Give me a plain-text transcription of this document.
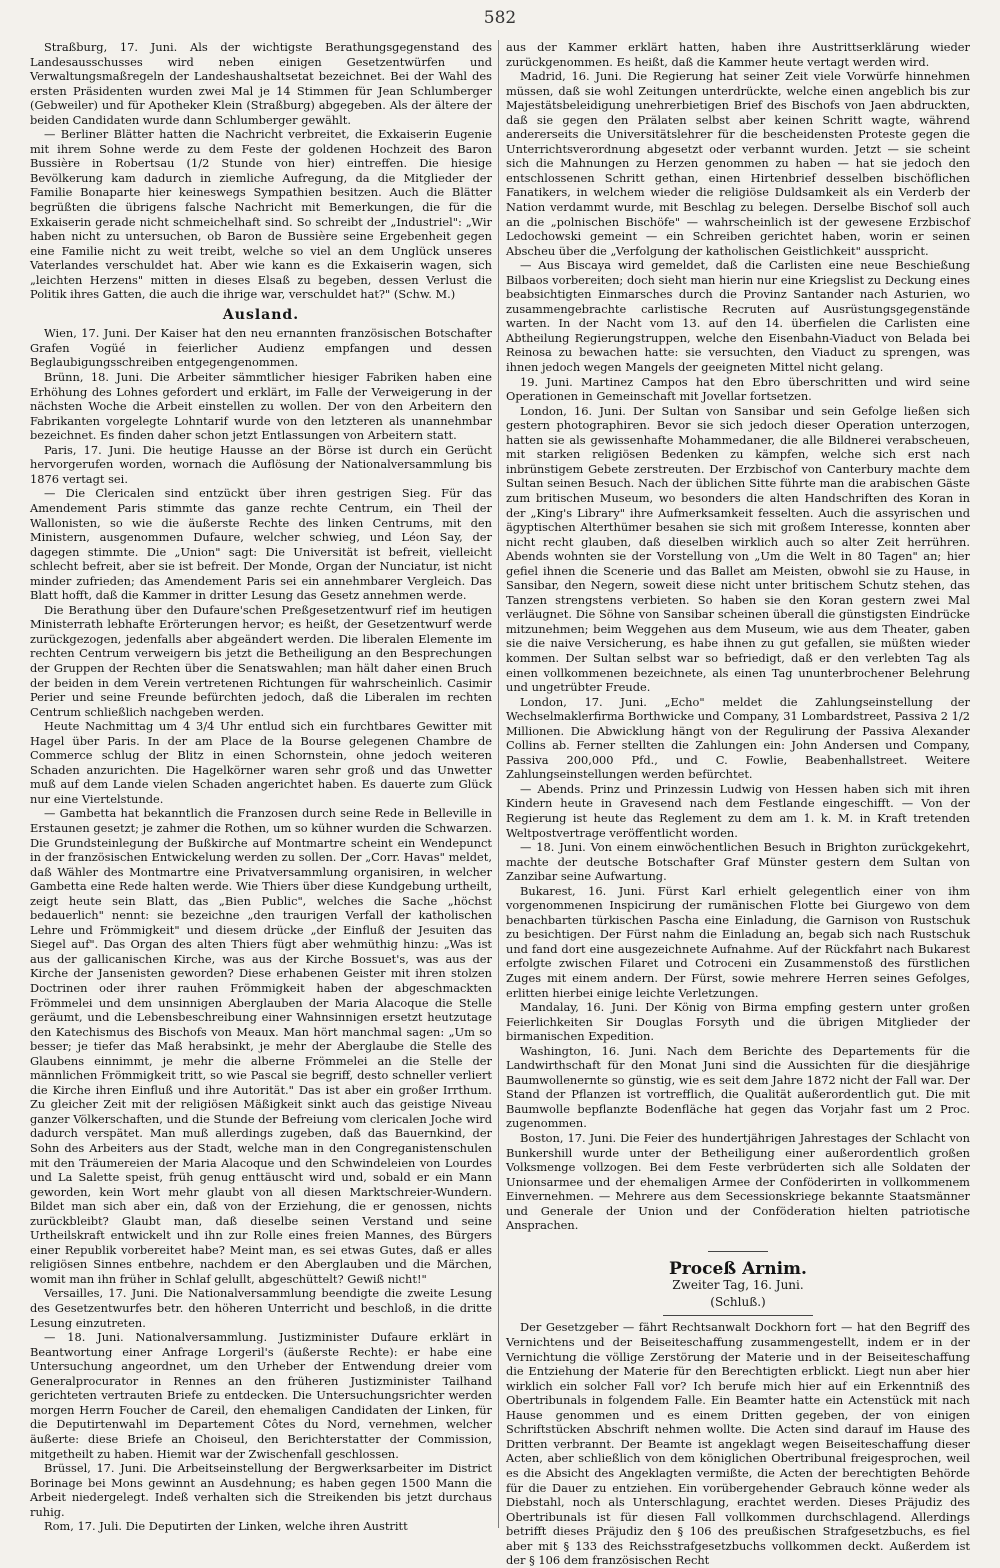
582

Straßburg, 17. Juni. Als der wichtigste Berathungsgegenstand des Landesausschusses wird neben einigen Gesetzentwürfen und Verwaltungsmaßregeln der Landeshaushaltsetat bezeichnet. Bei der Wahl des ersten Präsidenten wurden zwei Mal je 14 Stimmen für Jean Schlumberger (Gebweiler) und für Apotheker Klein (Straßburg) abgegeben. Als der ältere der beiden Candidaten wurde dann Schlumberger gewählt.

— Berliner Blätter hatten die Nachricht verbreitet, die Exkaiserin Eugenie mit ihrem Sohne werde zu dem Feste der goldenen Hochzeit des Baron Bussière in Robertsau (1/2 Stunde von hier) eintreffen. Die hiesige Bevölkerung kam dadurch in ziemliche Aufregung, da die Mitglieder der Familie Bonaparte hier keineswegs Sympathien besitzen. Auch die Blätter begrüßten die übrigens falsche Nachricht mit Bemerkungen, die für die Exkaiserin gerade nicht schmeichelhaft sind. So schreibt der „Industriel": „Wir haben nicht zu untersuchen, ob Baron de Bussière seine Ergebenheit gegen eine Familie nicht zu weit treibt, welche so viel an dem Unglück unseres Vaterlandes verschuldet hat. Aber wie kann es die Exkaiserin wagen, sich „leichten Herzens" mitten in dieses Elsaß zu begeben, dessen Verlust die Politik ihres Gatten, die auch die ihrige war, verschuldet hat?" (Schw. M.)

Ausland.

Wien, 17. Juni. Der Kaiser hat den neu ernannten französischen Botschafter Grafen Vogüé in feierlicher Audienz empfangen und dessen Beglaubigungsschreiben entgegengenommen.

Brünn, 18. Juni. Die Arbeiter sämmtlicher hiesiger Fabriken haben eine Erhöhung des Lohnes gefordert und erklärt, im Falle der Verweigerung in der nächsten Woche die Arbeit einstellen zu wollen. Der von den Arbeitern den Fabrikanten vorgelegte Lohntarif wurde von den letzteren als unannehmbar bezeichnet. Es finden daher schon jetzt Entlassungen von Arbeitern statt.

Paris, 17. Juni. Die heutige Hausse an der Börse ist durch ein Gerücht hervorgerufen worden, wornach die Auflösung der Nationalversammlung bis 1876 vertagt sei.

— Die Clericalen sind entzückt über ihren gestrigen Sieg. Für das Amendement Paris stimmte das ganze rechte Centrum, ein Theil der Wallonisten, so wie die äußerste Rechte des linken Centrums, mit den Ministern, ausgenommen Dufaure, welcher schwieg, und Léon Say, der dagegen stimmte. Die „Union" sagt: Die Universität ist befreit, vielleicht schlecht befreit, aber sie ist befreit. Der Monde, Organ der Nunciatur, ist nicht minder zufrieden; das Amendement Paris sei ein annehmbarer Vergleich. Das Blatt hofft, daß die Kammer in dritter Lesung das Gesetz annehmen werde.

Die Berathung über den Dufaure'schen Preßgesetzentwurf rief im heutigen Ministerrath lebhafte Erörterungen hervor; es heißt, der Gesetzentwurf werde zurückgezogen, jedenfalls aber abgeändert werden. Die liberalen Elemente im rechten Centrum verweigern bis jetzt die Betheiligung an den Besprechungen der Gruppen der Rechten über die Senatswahlen; man hält daher einen Bruch der beiden in dem Verein vertretenen Richtungen für wahrscheinlich. Casimir Perier und seine Freunde befürchten jedoch, daß die Liberalen im rechten Centrum schließlich nachgeben werden.

Heute Nachmittag um 4 3/4 Uhr entlud sich ein furchtbares Gewitter mit Hagel über Paris. In der am Place de la Bourse gelegenen Chambre de Commerce schlug der Blitz in einen Schornstein, ohne jedoch weiteren Schaden anzurichten. Die Hagelkörner waren sehr groß und das Unwetter muß auf dem Lande vielen Schaden angerichtet haben. Es dauerte zum Glück nur eine Viertelstunde.

— Gambetta hat bekanntlich die Franzosen durch seine Rede in Belleville in Erstaunen gesetzt; je zahmer die Rothen, um so kühner wurden die Schwarzen. Die Grundsteinlegung der Bußkirche auf Montmartre scheint ein Wendepunct in der französischen Entwickelung werden zu sollen. Der „Corr. Havas" meldet, daß Wähler des Montmartre eine Privatversammlung organisiren, in welcher Gambetta eine Rede halten werde. Wie Thiers über diese Kundgebung urtheilt, zeigt heute sein Blatt, das „Bien Public", welches die Sache „höchst bedauerlich" nennt: sie bezeichne „den traurigen Verfall der katholischen Lehre und Frömmigkeit" und diesem drücke „der Einfluß der Jesuiten das Siegel auf". Das Organ des alten Thiers fügt aber wehmüthig hinzu: „Was ist aus der gallicanischen Kirche, was aus der Kirche Bossuet's, was aus der Kirche der Jansenisten geworden? Diese erhabenen Geister mit ihren stolzen Doctrinen oder ihrer rauhen Frömmigkeit haben der abgeschmackten Frömmelei und dem unsinnigen Aberglauben der Maria Alacoque die Stelle geräumt, und die Lebensbeschreibung einer Wahnsinnigen ersetzt heutzutage den Katechismus des Bischofs von Meaux. Man hört manchmal sagen: „Um so besser; je tiefer das Maß herabsinkt, je mehr der Aberglaube die Stelle des Glaubens einnimmt, je mehr die alberne Frömmelei an die Stelle der männlichen Frömmigkeit tritt, so wie Pascal sie begriff, desto schneller verliert die Kirche ihren Einfluß und ihre Autorität." Das ist aber ein großer Irrthum. Zu gleicher Zeit mit der religiösen Mäßigkeit sinkt auch das geistige Niveau ganzer Völkerschaften, und die Stunde der Befreiung vom clericalen Joche wird dadurch verspätet. Man muß allerdings zugeben, daß das Bauernkind, der Sohn des Arbeiters aus der Stadt, welche man in den Congreganistenschulen mit den Träumereien der Maria Alacoque und den Schwindeleien von Lourdes und La Salette speist, früh genug enttäuscht wird und, sobald er ein Mann geworden, kein Wort mehr glaubt von all diesen Marktschreier-Wundern. Bildet man sich aber ein, daß von der Erziehung, die er genossen, nichts zurückbleibt? Glaubt man, daß dieselbe seinen Verstand und seine Urtheilskraft entwickelt und ihn zur Rolle eines freien Mannes, des Bürgers einer Republik vorbereitet habe? Meint man, es sei etwas Gutes, daß er alles religiösen Sinnes entbehre, nachdem er den Aberglauben und die Märchen, womit man ihn früher in Schlaf gelullt, abgeschüttelt? Gewiß nicht!"

Versailles, 17. Juni. Die Nationalversammlung beendigte die zweite Lesung des Gesetzentwurfes betr. den höheren Unterricht und beschloß, in die dritte Lesung einzutreten.

— 18. Juni. Nationalversammlung. Justizminister Dufaure erklärt in Beantwortung einer Anfrage Lorgeril's (äußerste Rechte): er habe eine Untersuchung angeordnet, um den Urheber der Entwendung dreier vom Generalprocurator in Rennes an den früheren Justizminister Tailhand gerichteten vertrauten Briefe zu entdecken. Die Untersuchungsrichter werden morgen Herrn Foucher de Careil, den ehemaligen Candidaten der Linken, für die Deputirtenwahl im Departement Côtes du Nord, vernehmen, welcher äußerte: diese Briefe an Choiseul, den Berichterstatter der Commission, mitgetheilt zu haben. Hiemit war der Zwischenfall geschlossen.

Brüssel, 17. Juni. Die Arbeitseinstellung der Bergwerksarbeiter im District Borinage bei Mons gewinnt an Ausdehnung; es haben gegen 1500 Mann die Arbeit niedergelegt. Indeß verhalten sich die Streikenden bis jetzt durchaus ruhig.

Rom, 17. Juli. Die Deputirten der Linken, welche ihren Austritt

aus der Kammer erklärt hatten, haben ihre Austrittserklärung wieder zurückgenommen. Es heißt, daß die Kammer heute vertagt werden wird.

Madrid, 16. Juni. Die Regierung hat seiner Zeit viele Vorwürfe hinnehmen müssen, daß sie wohl Zeitungen unterdrückte, welche einen angeblich bis zur Majestätsbeleidigung unehrerbietigen Brief des Bischofs von Jaen abdruckten, daß sie gegen den Prälaten selbst aber keinen Schritt wagte, während andererseits die Universitätslehrer für die bescheidensten Proteste gegen die Unterrichtsverordnung abgesetzt oder verbannt wurden. Jetzt — sie scheint sich die Mahnungen zu Herzen genommen zu haben — hat sie jedoch den entschlossenen Schritt gethan, einen Hirtenbrief desselben bischöflichen Fanatikers, in welchem wieder die religiöse Duldsamkeit als ein Verderb der Nation verdammt wurde, mit Beschlag zu belegen. Derselbe Bischof soll auch an die „polnischen Bischöfe" — wahrscheinlich ist der gewesene Erzbischof Ledochowski gemeint — ein Schreiben gerichtet haben, worin er seinen Abscheu über die „Verfolgung der katholischen Geistlichkeit" ausspricht.

— Aus Biscaya wird gemeldet, daß die Carlisten eine neue Beschießung Bilbaos vorbereiten; doch sieht man hierin nur eine Kriegslist zu Deckung eines beabsichtigten Einmarsches durch die Provinz Santander nach Asturien, wo zusammengebrachte carlistische Recruten auf Ausrüstungsgegenstände warten. In der Nacht vom 13. auf den 14. überfielen die Carlisten eine Abtheilung Regierungstruppen, welche den Eisenbahn-Viaduct von Belada bei Reinosa zu bewachen hatte: sie versuchten, den Viaduct zu sprengen, was ihnen jedoch wegen Mangels der geeigneten Mittel nicht gelang.

19. Juni. Martinez Campos hat den Ebro überschritten und wird seine Operationen in Gemeinschaft mit Jovellar fortsetzen.

London, 16. Juni. Der Sultan von Sansibar und sein Gefolge ließen sich gestern photographiren. Bevor sie sich jedoch dieser Operation unterzogen, hatten sie als gewissenhafte Mohammedaner, die alle Bildnerei verabscheuen, mit starken religiösen Bedenken zu kämpfen, welche sich erst nach inbrünstigem Gebete zerstreuten. Der Erzbischof von Canterbury machte dem Sultan seinen Besuch. Nach der üblichen Sitte führte man die arabischen Gäste zum britischen Museum, wo besonders die alten Handschriften des Koran in der „King's Library" ihre Aufmerksamkeit fesselten. Auch die assyrischen und ägyptischen Alterthümer besahen sie sich mit großem Interesse, konnten aber nicht recht glauben, daß dieselben wirklich auch so alter Zeit herrühren. Abends wohnten sie der Vorstellung von „Um die Welt in 80 Tagen" an; hier gefiel ihnen die Scenerie und das Ballet am Meisten, obwohl sie zu Hause, in Sansibar, den Negern, soweit diese nicht unter britischem Schutz stehen, das Tanzen strengstens verbieten. So haben sie den Koran gestern zwei Mal verläugnet. Die Söhne von Sansibar scheinen überall die günstigsten Eindrücke mitzunehmen; beim Weggehen aus dem Museum, wie aus dem Theater, gaben sie die naive Versicherung, es habe ihnen zu gut gefallen, sie müßten wieder kommen. Der Sultan selbst war so befriedigt, daß er den verlebten Tag als einen vollkommenen bezeichnete, als einen Tag ununterbrochener Belehrung und ungetrübter Freude.

London, 17. Juni. „Echo" meldet die Zahlungseinstellung der Wechselmaklerfirma Borthwicke und Company, 31 Lombardstreet, Passiva 2 1/2 Millionen. Die Abwicklung hängt von der Regulirung der Passiva Alexander Collins ab. Ferner stellten die Zahlungen ein: John Andersen und Company, Passiva 200,000 Pfd., und C. Fowlie, Beabenhallstreet. Weitere Zahlungseinstellungen werden befürchtet.

— Abends. Prinz und Prinzessin Ludwig von Hessen haben sich mit ihren Kindern heute in Gravesend nach dem Festlande eingeschifft. — Von der Regierung ist heute das Reglement zu dem am 1. k. M. in Kraft tretenden Weltpostvertrage veröffentlicht worden.

— 18. Juni. Von einem einwöchentlichen Besuch in Brighton zurückgekehrt, machte der deutsche Botschafter Graf Münster gestern dem Sultan von Zanzibar seine Aufwartung.

Bukarest, 16. Juni. Fürst Karl erhielt gelegentlich einer von ihm vorgenommenen Inspicirung der rumänischen Flotte bei Giurgewo von dem benachbarten türkischen Pascha eine Einladung, die Garnison von Rustschuk zu besichtigen. Der Fürst nahm die Einladung an, begab sich nach Rustschuk und fand dort eine ausgezeichnete Aufnahme. Auf der Rückfahrt nach Bukarest erfolgte zwischen Filaret und Cotroceni ein Zusammenstoß des fürstlichen Zuges mit einem andern. Der Fürst, sowie mehrere Herren seines Gefolges, erlitten hierbei einige leichte Verletzungen.

Mandalay, 16. Juni. Der König von Birma empfing gestern unter großen Feierlichkeiten Sir Douglas Forsyth und die übrigen Mitglieder der birmanischen Expedition.

Washington, 16. Juni. Nach dem Berichte des Departements für die Landwirthschaft für den Monat Juni sind die Aussichten für die diesjährige Baumwollenernte so günstig, wie es seit dem Jahre 1872 nicht der Fall war. Der Stand der Pflanzen ist vortrefflich, die Qualität außerordentlich gut. Die mit Baumwolle bepflanzte Bodenfläche hat gegen das Vorjahr fast um 2 Proc. zugenommen.

Boston, 17. Juni. Die Feier des hundertjährigen Jahrestages der Schlacht von Bunkershill wurde unter der Betheiligung einer außerordentlich großen Volksmenge vollzogen. Bei dem Feste verbrüderten sich alle Soldaten der Unionsarmee und der ehemaligen Armee der Conföderirten in vollkommenem Einvernehmen. — Mehrere aus dem Secessionskriege bekannte Staatsmänner und Generale der Union und der Conföderation hielten patriotische Ansprachen.

Proceß Arnim.
Zweiter Tag, 16. Juni.
(Schluß.)

Der Gesetzgeber — fährt Rechtsanwalt Dockhorn fort — hat den Begriff des Vernichtens und der Beiseiteschaffung zusammengestellt, indem er in der Vernichtung die völlige Zerstörung der Materie und in der Beiseiteschaffung die Entziehung der Materie für den Berechtigten erblickt. Liegt nun aber hier wirklich ein solcher Fall vor? Ich berufe mich hier auf ein Erkenntniß des Obertribunals in folgendem Falle. Ein Beamter hatte ein Actenstück mit nach Hause genommen und es einem Dritten gegeben, der von einigen Schriftstücken Abschrift nehmen wollte. Die Acten sind darauf im Hause des Dritten verbrannt. Der Beamte ist angeklagt wegen Beiseiteschaffung dieser Acten, aber schließlich von dem königlichen Obertribunal freigesprochen, weil es die Absicht des Angeklagten vermißte, die Acten der berechtigten Behörde für die Dauer zu entziehen. Ein vorübergehender Gebrauch könne weder als Diebstahl, noch als Unterschlagung, erachtet werden. Dieses Präjudiz des Obertribunals ist für diesen Fall vollkommen durchschlagend. Allerdings betrifft dieses Präjudiz den § 106 des preußischen Strafgesetzbuchs, es fiel aber mit § 133 des Reichsstrafgesetzbuchs vollkommen deckt. Außerdem ist der § 106 dem französischen Recht
